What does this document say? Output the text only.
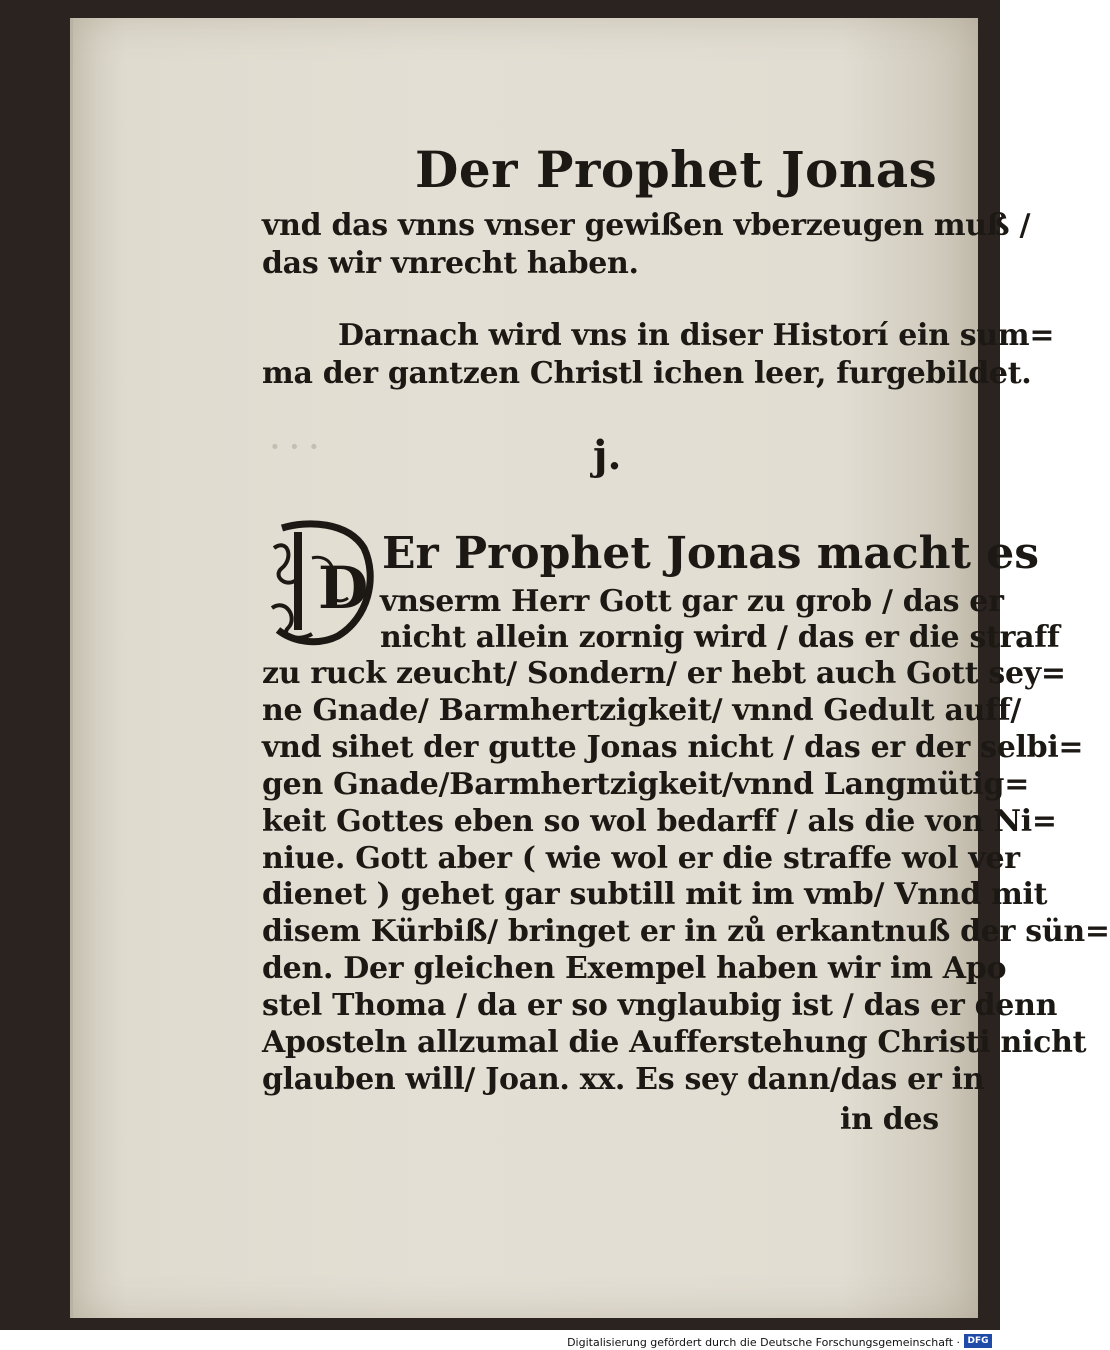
· · ·
Der Prophet Jonas
vnd das vnns vnser gewißen vberzeugen muß /
das wir vnrecht haben.
Darnach wird vns in diser Historí ein sum=
ma der gantzen Christl ichen leer, furgebildet.
j.
D
Er Prophet Jonas macht es
vnserm Herr Gott gar zu grob / das er
nicht allein zornig wird / das er die straff
zu ruck zeucht/ Sondern/ er hebt auch Gott sey=
ne Gnade/ Barmhertzigkeit/ vnnd Gedult auff/
vnd sihet der gutte Jonas nicht / das er der selbi=
gen Gnade/Barmhertzigkeit/vnnd Langmütig=
keit Gottes eben so wol bedarff / als die von Ni=
niue. Gott aber ( wie wol er die straffe wol ver
dienet ) gehet gar subtill mit im vmb/ Vnnd mit
disem Kürbiß/ bringet er in zů erkantnuß der sün=
den. Der gleichen Exempel haben wir im Apo
stel Thoma / da er so vnglaubig ist / das er denn
Aposteln allzumal die Aufferstehung Christi nicht
glauben will/ Joan. xx. Es sey dann/das er in
in des
Digitalisierung gefördert durch die Deutsche Forschungsgemeinschaft · DFG
